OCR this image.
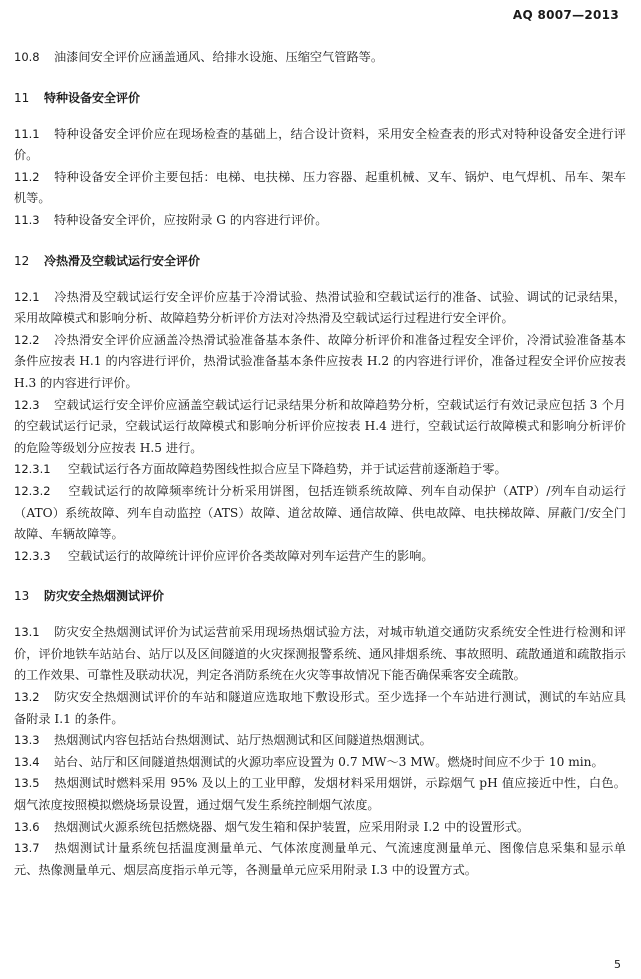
AQ 8007—2013

10.8 油漆间安全评价应涵盖通风、给排水设施、压缩空气管路等。

11 特种设备安全评价

11.1 特种设备安全评价应在现场检查的基础上，结合设计资料，采用安全检查表的形式对特种设备安全进行评价。

11.2 特种设备安全评价主要包括：电梯、电扶梯、压力容器、起重机械、叉车、锅炉、电气焊机、吊车、架车机等。

11.3 特种设备安全评价，应按附录 G 的内容进行评价。

12 冷热滑及空载试运行安全评价

12.1 冷热滑及空载试运行安全评价应基于冷滑试验、热滑试验和空载试运行的准备、试验、调试的记录结果，采用故障模式和影响分析、故障趋势分析评价方法对冷热滑及空载试运行过程进行安全评价。

12.2 冷热滑安全评价应涵盖冷热滑试验准备基本条件、故障分析评价和准备过程安全评价，冷滑试验准备基本条件应按表 H.1 的内容进行评价，热滑试验准备基本条件应按表 H.2 的内容进行评价，准备过程安全评价应按表 H.3 的内容进行评价。

12.3 空载试运行安全评价应涵盖空载试运行记录结果分析和故障趋势分析，空载试运行有效记录应包括 3 个月的空载试运行记录，空载试运行故障模式和影响分析评价应按表 H.4 进行，空载试运行故障模式和影响分析评价的危险等级划分应按表 H.5 进行。

12.3.1 空载试运行各方面故障趋势图线性拟合应呈下降趋势，并于试运营前逐渐趋于零。

12.3.2 空载试运行的故障频率统计分析采用饼图，包括连锁系统故障、列车自动保护（ATP）/列车自动运行（ATO）系统故障、列车自动监控（ATS）故障、道岔故障、通信故障、供电故障、电扶梯故障、屏蔽门/安全门故障、车辆故障等。

12.3.3 空载试运行的故障统计评价应评价各类故障对列车运营产生的影响。

13 防灾安全热烟测试评价

13.1 防灾安全热烟测试评价为试运营前采用现场热烟试验方法，对城市轨道交通防灾系统安全性进行检测和评价，评价地铁车站站台、站厅以及区间隧道的火灾探测报警系统、通风排烟系统、事故照明、疏散通道和疏散指示的工作效果、可靠性及联动状况，判定各消防系统在火灾等事故情况下能否确保乘客安全疏散。

13.2 防灾安全热烟测试评价的车站和隧道应选取地下敷设形式。至少选择一个车站进行测试，测试的车站应具备附录 I.1 的条件。

13.3 热烟测试内容包括站台热烟测试、站厅热烟测试和区间隧道热烟测试。

13.4 站台、站厅和区间隧道热烟测试的火源功率应设置为 0.7 MW～3 MW。燃烧时间应不少于 10 min。

13.5 热烟测试时燃料采用 95% 及以上的工业甲醇，发烟材料采用烟饼，示踪烟气 pH 值应接近中性，白色。烟气浓度按照模拟燃烧场景设置，通过烟气发生系统控制烟气浓度。

13.6 热烟测试火源系统包括燃烧器、烟气发生箱和保护装置，应采用附录 I.2 中的设置形式。

13.7 热烟测试计量系统包括温度测量单元、气体浓度测量单元、气流速度测量单元、图像信息采集和显示单元、热像测量单元、烟层高度指示单元等，各测量单元应采用附录 I.3 中的设置方式。

5
